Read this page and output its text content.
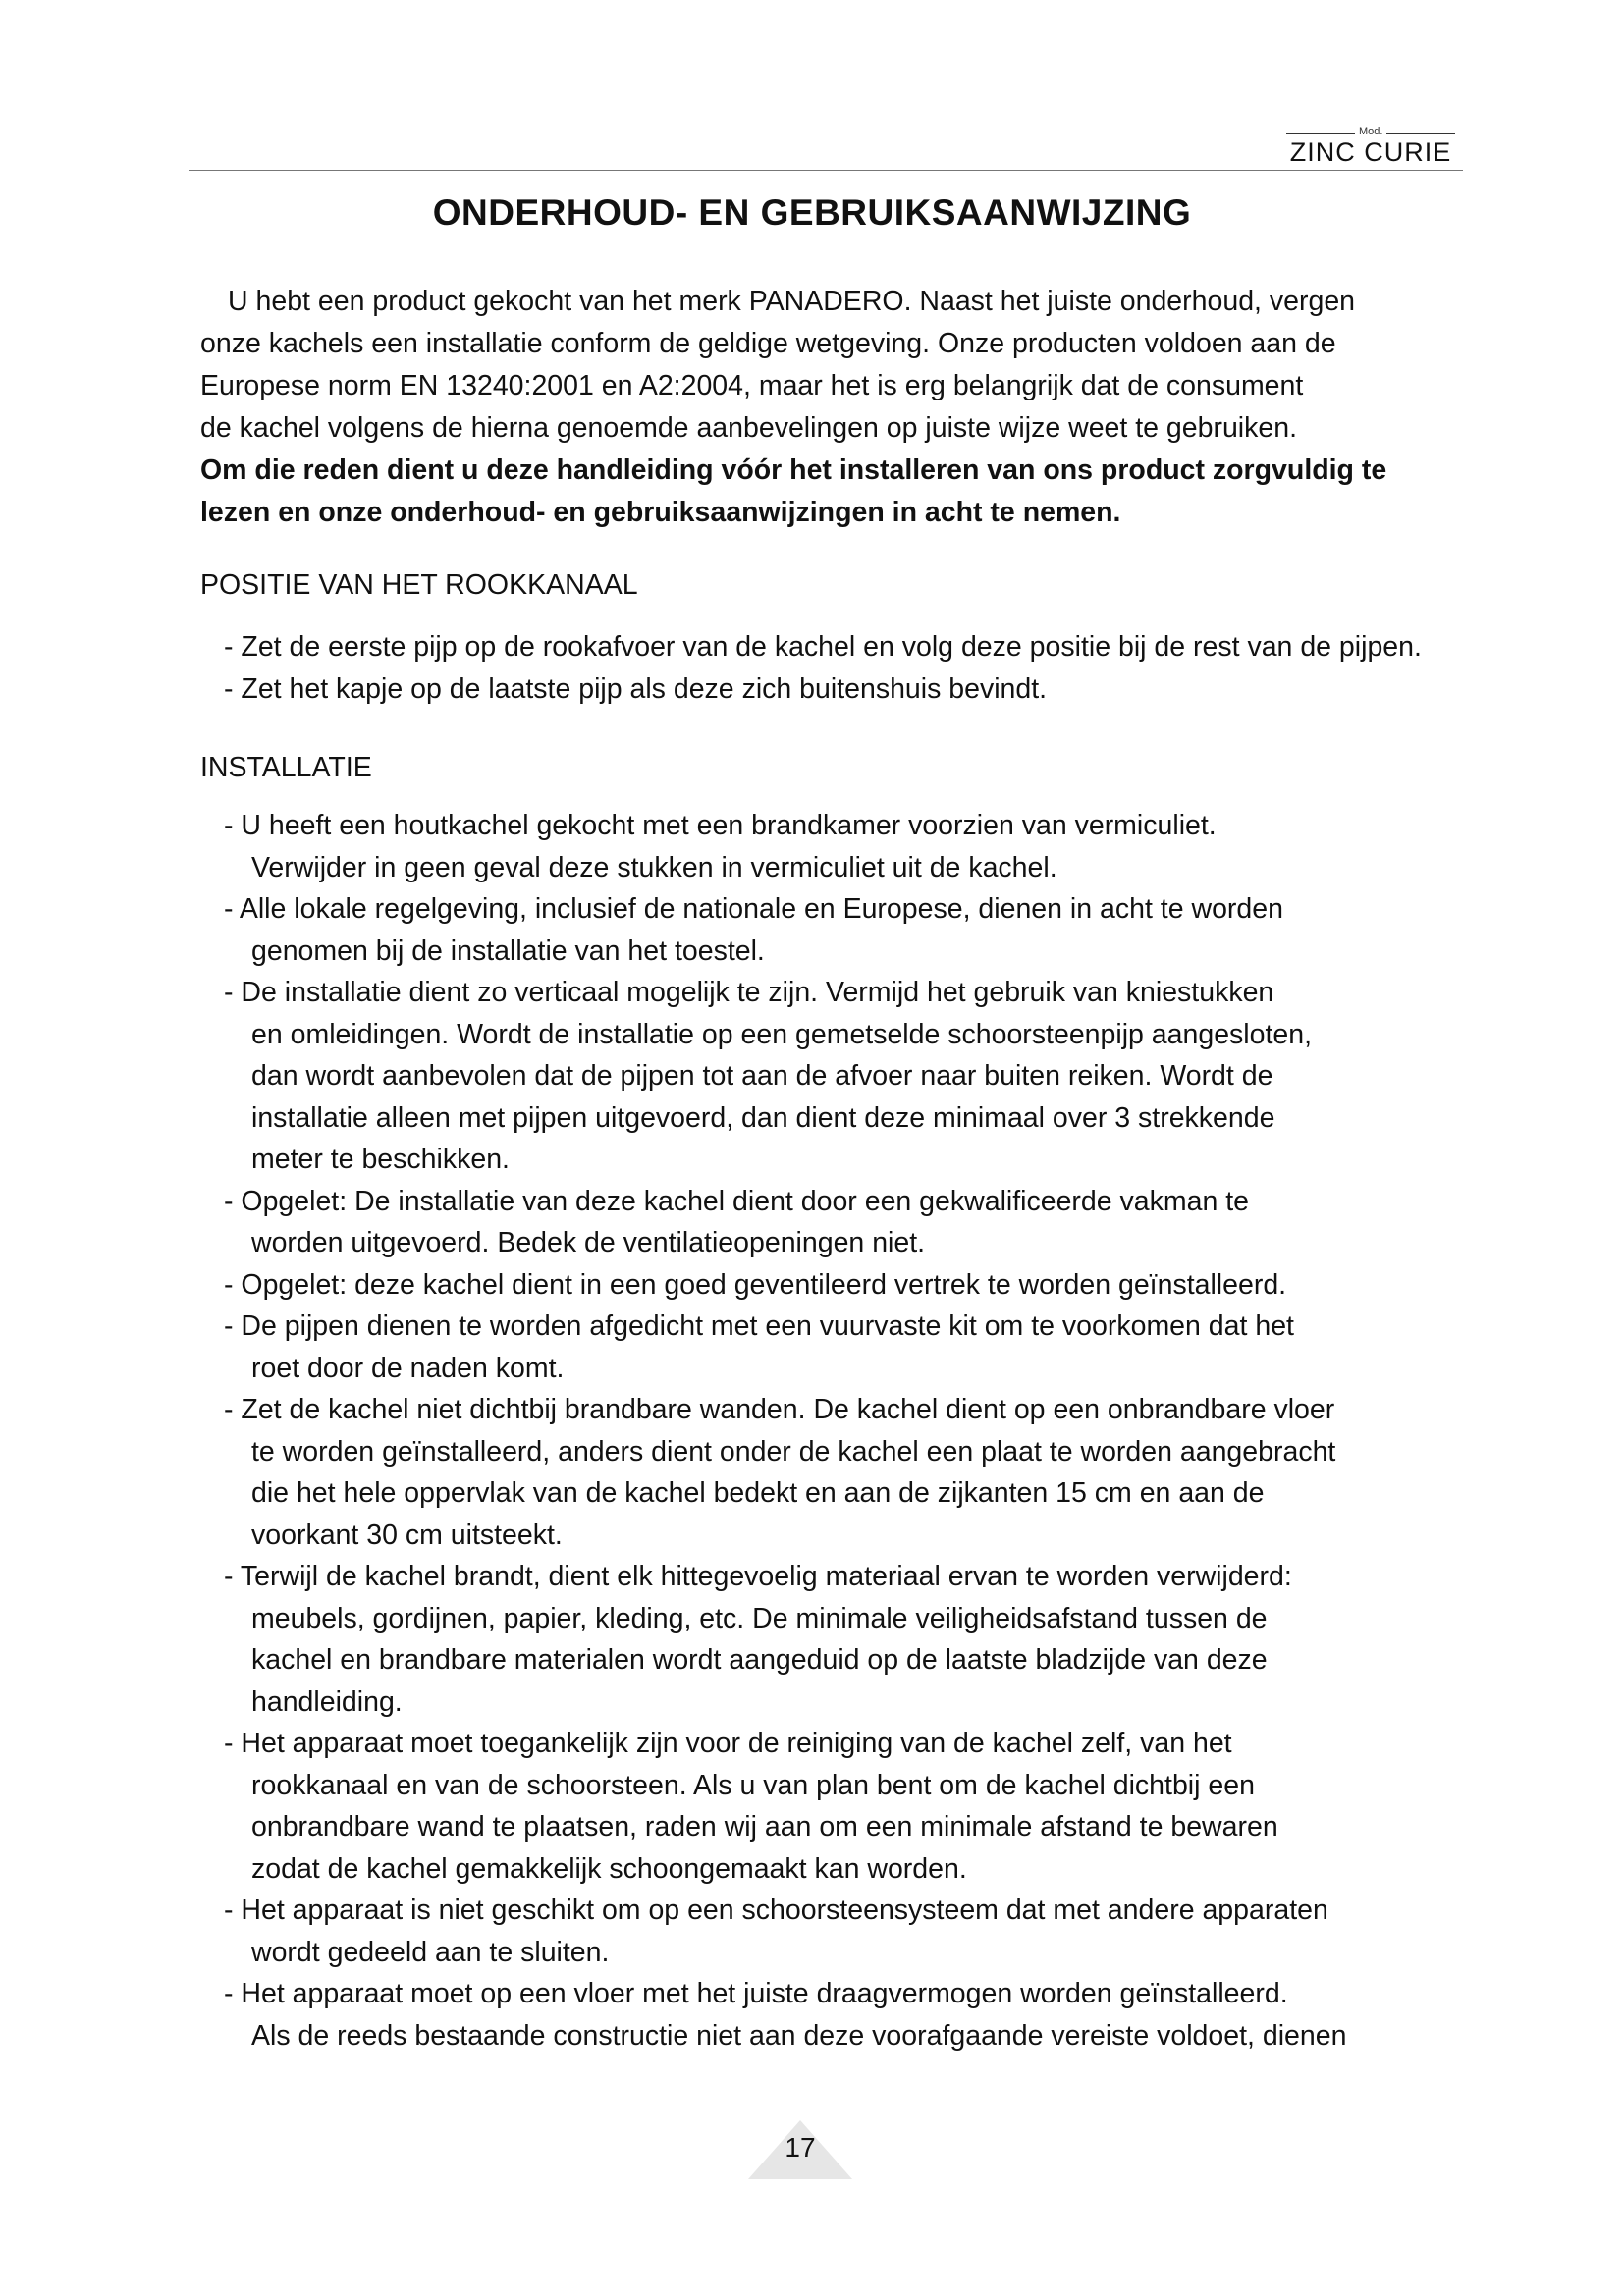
Mod.
ZINC CURIE
ONDERHOUD- EN GEBRUIKSAANWIJZING

U hebt een product gekocht van het merk PANADERO. Naast het juiste onderhoud, vergen

onze kachels een installatie conform de geldige wetgeving. Onze producten voldoen aan de

Europese norm EN 13240:2001 en A2:2004, maar het is erg belangrijk dat de consument

de kachel volgens de hierna genoemde aanbevelingen op juiste wijze weet te gebruiken.

Om die reden dient u deze handleiding vóór het installeren van ons product zorgvuldig te

lezen en onze onderhoud- en gebruiksaanwijzingen in acht te nemen.

POSITIE VAN HET ROOKKANAAL
- Zet de eerste pijp op de rookafvoer van de kachel en volg deze positie bij de rest van de pijpen.
- Zet het kapje op de laatste pijp als deze zich buitenshuis bevindt.
INSTALLATIE
- U heeft een houtkachel gekocht met een brandkamer voorzien van vermiculiet.
Verwijder in geen geval deze stukken in vermiculiet uit de kachel.
- Alle lokale regelgeving, inclusief de nationale en Europese, dienen in acht te worden
genomen bij de installatie van het toestel.
- De installatie dient zo verticaal mogelijk te zijn. Vermijd het gebruik van kniestukken
en omleidingen. Wordt de installatie op een gemetselde schoorsteenpijp aangesloten,
dan wordt aanbevolen dat de pijpen tot aan de afvoer naar buiten reiken. Wordt de
installatie alleen met pijpen uitgevoerd, dan dient deze minimaal over 3 strekkende
meter te beschikken.
- Opgelet: De installatie van deze kachel dient door een gekwalificeerde vakman te
worden uitgevoerd. Bedek de ventilatieopeningen niet.
- Opgelet: deze kachel dient in een goed geventileerd vertrek te worden geïnstalleerd.
- De pijpen dienen te worden afgedicht met een vuurvaste kit om te voorkomen dat het
roet door de naden komt.
- Zet de kachel niet dichtbij brandbare wanden. De kachel dient op een onbrandbare vloer
te worden geïnstalleerd, anders dient onder de kachel een plaat te worden aangebracht
die het hele oppervlak van de kachel bedekt en aan de zijkanten 15 cm en aan de
voorkant 30 cm uitsteekt.
- Terwijl de kachel brandt, dient elk hittegevoelig materiaal ervan te worden verwijderd:
meubels, gordijnen, papier, kleding, etc. De minimale veiligheidsafstand tussen de
kachel en brandbare materialen wordt aangeduid op de laatste bladzijde van deze
handleiding.
- Het apparaat moet toegankelijk zijn voor de reiniging van de kachel zelf, van het
rookkanaal en van de schoorsteen. Als u van plan bent om de kachel dichtbij een
onbrandbare wand te plaatsen, raden wij aan om een minimale afstand te bewaren
zodat de kachel gemakkelijk schoongemaakt kan worden.
- Het apparaat is niet geschikt om op een schoorsteensysteem dat met andere apparaten
wordt gedeeld aan te sluiten.
- Het apparaat moet op een vloer met het juiste draagvermogen worden geïnstalleerd.
Als de reeds bestaande constructie niet aan deze voorafgaande vereiste voldoet, dienen
17
